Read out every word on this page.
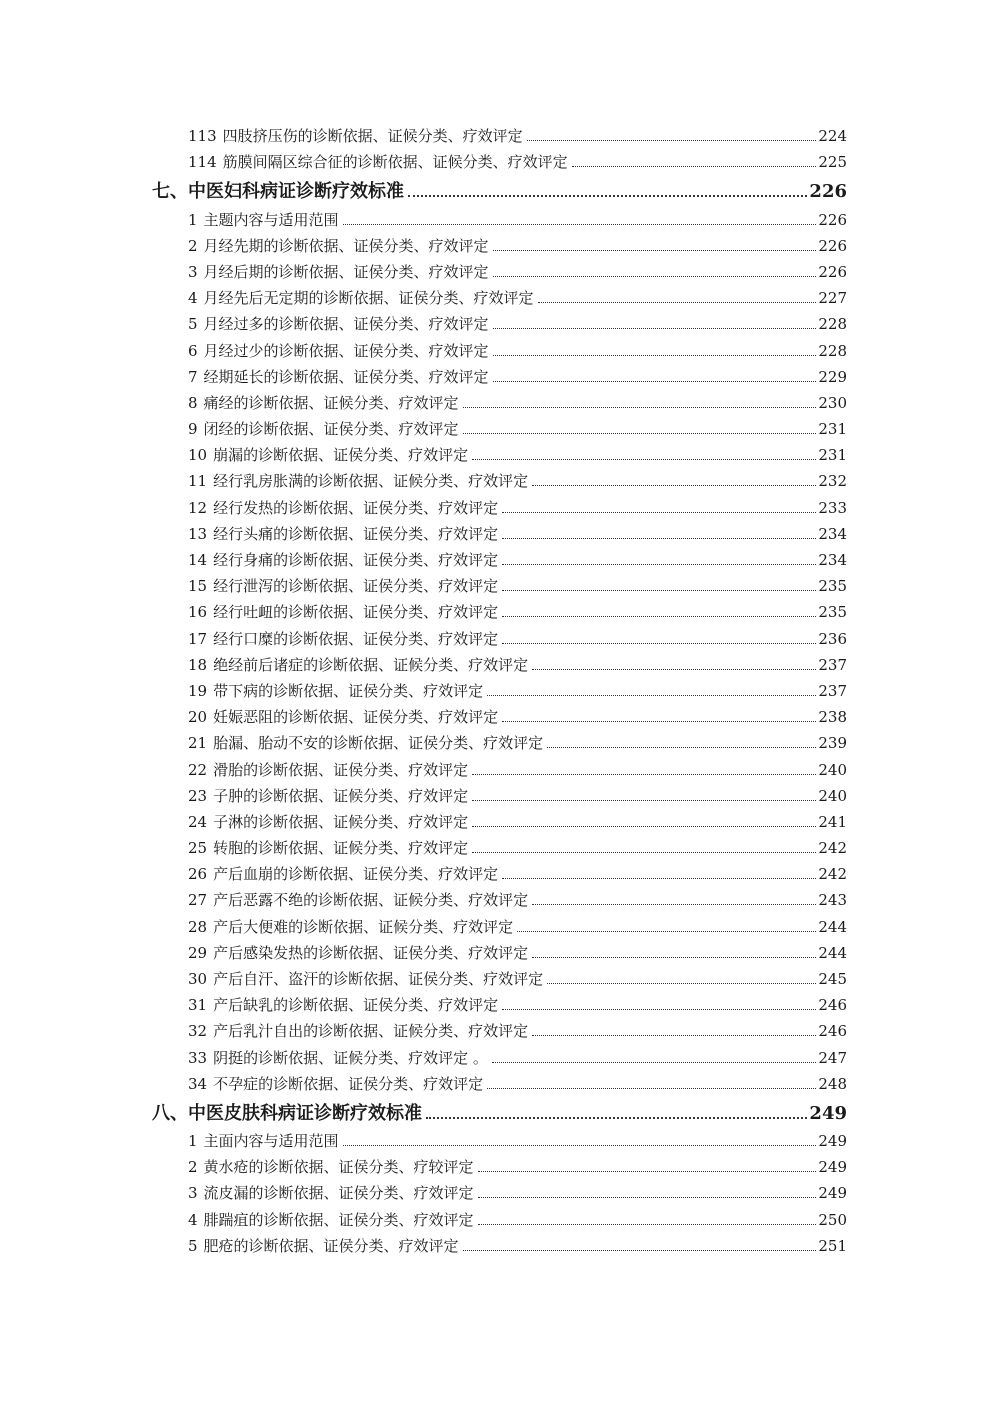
113 四肢挤压伤的诊断依据、证候分类、疗效评定	224
114 筋膜间隔区综合征的诊断依据、证候分类、疗效评定	225
七、中医妇科病证诊断疗效标准	226
1 主题内容与适用范围	226
2 月经先期的诊断依据、证侯分类、疗效评定	226
3 月经后期的诊断依据、证侯分类、疗效评定	226
4 月经先后无定期的诊断依据、证侯分类、疗效评定	227
5 月经过多的诊断依据、证侯分类、疗效评定	228
6 月经过少的诊断依据、证侯分类、疗效评定	228
7 经期延长的诊断依据、证侯分类、疗效评定	229
8 痛经的诊断依据、证候分类、疗效评定	230
9 闭经的诊断依据、证侯分类、疗效评定	231
10 崩漏的诊断依据、证侯分类、疗效评定	231
11 经行乳房胀满的诊断依据、证候分类、疗效评定	232
12 经行发热的诊断依据、证侯分类、疗效评定	233
13 经行头痛的诊断依据、证侯分类、疗效评定	234
14 经行身痛的诊断依据、证侯分类、疗效评定	234
15 经行泄泻的诊断依据、证侯分类、疗效评定	235
16 经行吐衄的诊断依据、证侯分类、疗效评定	235
17 经行口糜的诊断依据、证侯分类、疗效评定	236
18 绝经前后诸症的诊断依据、证候分类、疗效评定	237
19 带下病的诊断依据、证侯分类、疗效评定	237
20 妊娠恶阻的诊断依据、证侯分类、疗效评定	238
21 胎漏、胎动不安的诊断依据、证侯分类、疗效评定	239
22 滑胎的诊断依据、证侯分类、疗效评定	240
23 子肿的诊断依据、证候分类、疗效评定	240
24 子淋的诊断依据、证候分类、疗效评定	241
25 转胞的诊断依据、证候分类、疗效评定	242
26 产后血崩的诊断依据、证侯分类、疗效评定	242
27 产后恶露不绝的诊断依据、证候分类、疗效评定	243
28 产后大便难的诊断依据、证候分类、疗效评定	244
29 产后感染发热的诊断依据、证侯分类、疗效评定	244
30 产后自汗、盗汗的诊断依据、证侯分类、疗效评定	245
31 产后缺乳的诊断依据、证侯分类、疗效评定	246
32 产后乳汁自出的诊断依据、证候分类、疗效评定	246
33 阴挺的诊断依据、证候分类、疗效评定 。	247
34 不孕症的诊断依据、证侯分类、疗效评定	248
八、中医皮肤科病证诊断疗效标准	249
1 主面内容与适用范围	249
2 黄水疮的诊断依据、证侯分类、疗较评定	249
3 流皮漏的诊断依据、证侯分类、疗效评定	249
4 腓踹疽的诊断依据、证侯分类、疗效评定	250
5 肥疮的诊断依据、证侯分类、疗效评定	251
